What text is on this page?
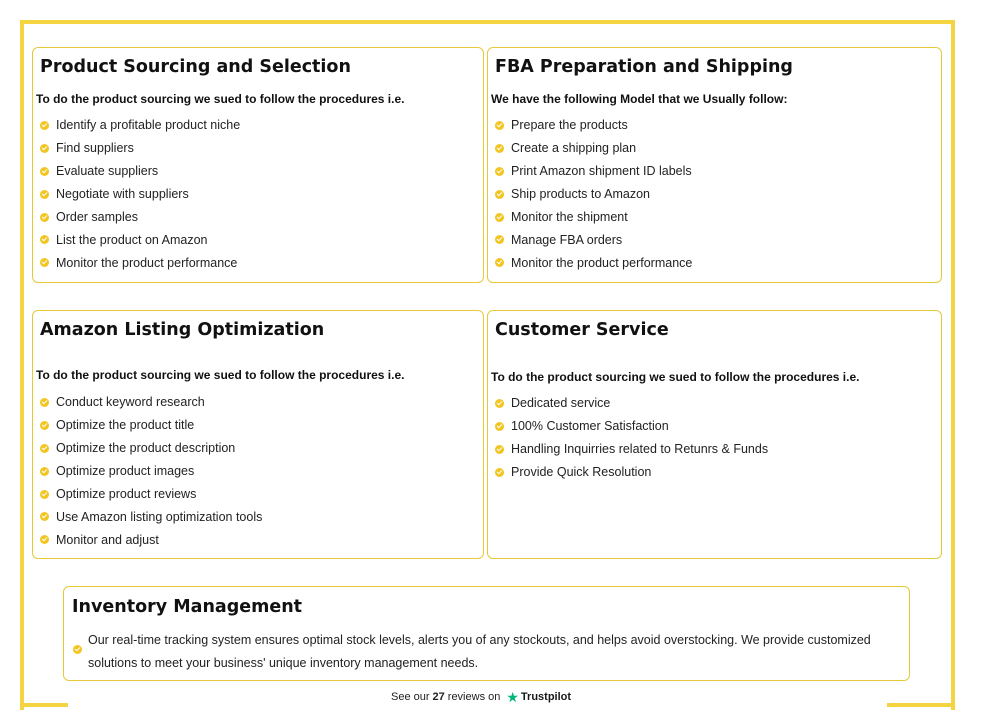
Product Sourcing and Selection
To do the product sourcing we sued to follow the procedures i.e.
Identify a profitable product niche
Find suppliers
Evaluate suppliers
Negotiate with suppliers
Order samples
List the product on Amazon
Monitor the product performance
FBA Preparation and Shipping
We have the following Model that we Usually follow:
Prepare the products
Create a shipping plan
Print Amazon shipment ID labels
Ship products to Amazon
Monitor the shipment
Manage FBA orders
Monitor the product performance
Amazon Listing Optimization
To do the product sourcing we sued to follow the procedures i.e.
Conduct keyword research
Optimize the product title
Optimize the product description
Optimize product images
Optimize product reviews
Use Amazon listing optimization tools
Monitor and adjust
Customer Service
To do the product sourcing we sued to follow the procedures i.e.
Dedicated service
100% Customer Satisfaction
Handling Inquirries related to Retunrs & Funds
Provide Quick Resolution
Inventory Management
Our real-time tracking system ensures optimal stock levels, alerts you of any stockouts, and helps avoid overstocking. We provide customized solutions to meet your business' unique inventory management needs.
See our 27 reviews on ★ Trustpilot
